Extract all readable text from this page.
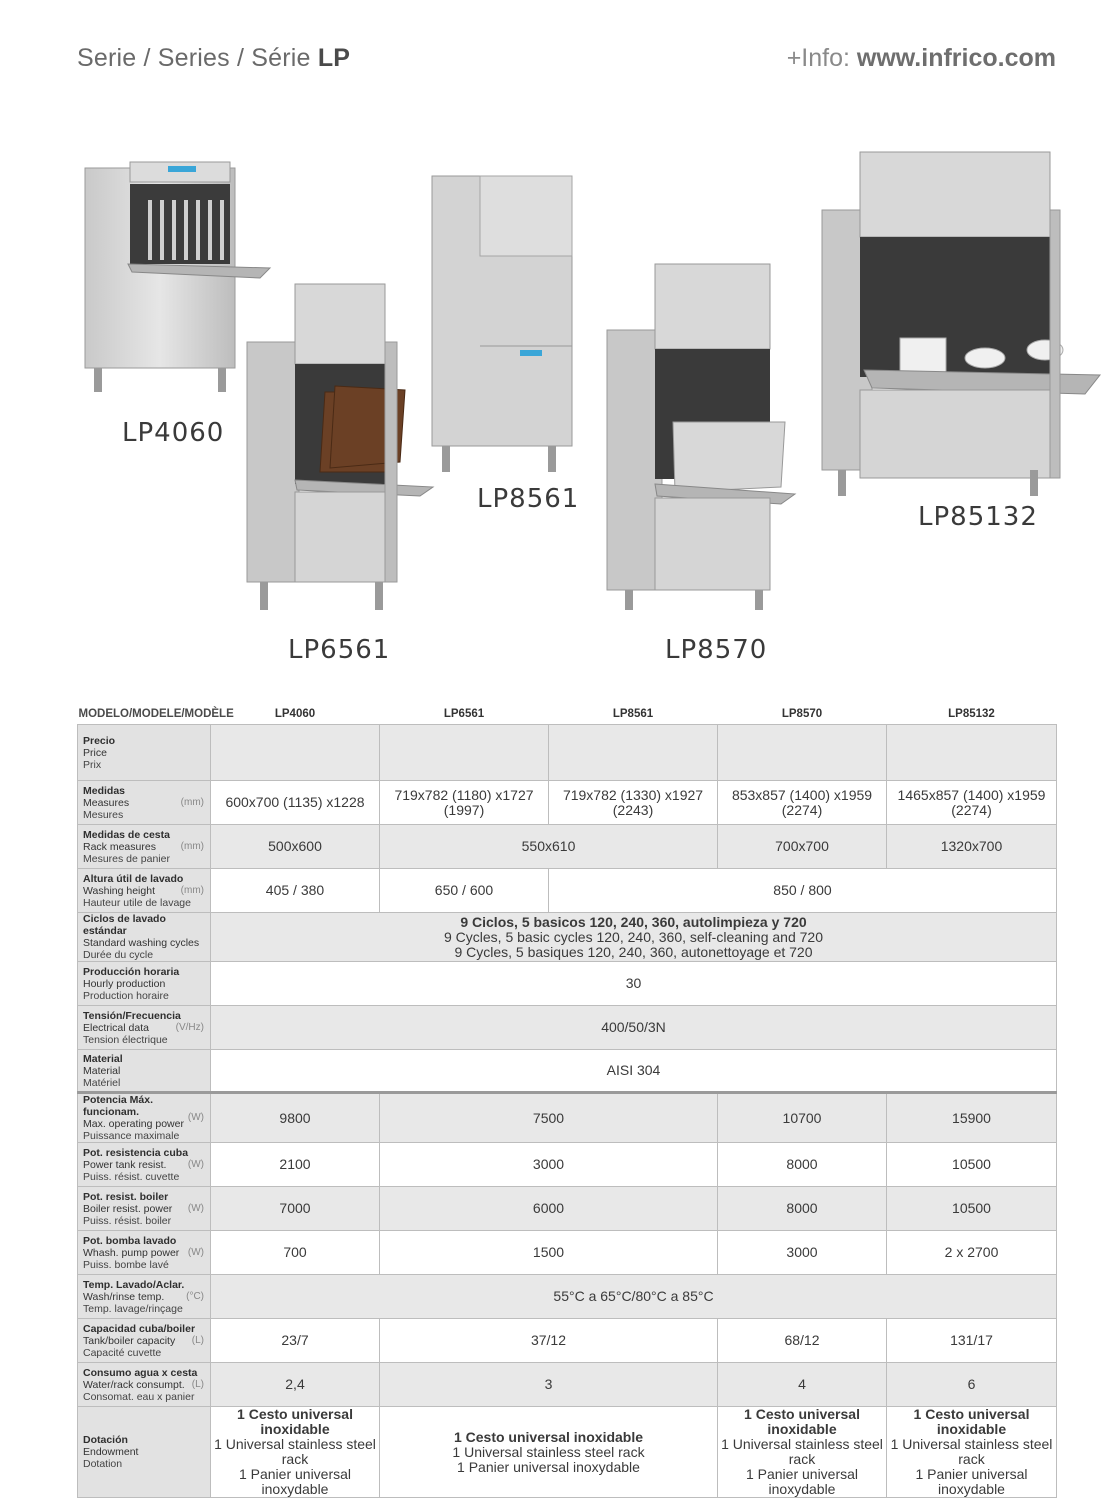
Serie / Series / Série LP	+Info: www.infrico.com
LP4060
LP6561
LP8561
LP8570
LP85132
MODELO/MODELE/MODÈLE	LP4060	LP6561	LP8561	LP8570	LP85132

Precio
Price
Prix					

Medidas
Measures
Mesures
(mm)	600x700 (1135) x1228	719x782 (1180) x1727 (1997)	719x782 (1330) x1927 (2243)	853x857 (1400) x1959 (2274)	1465x857 (1400) x1959 (2274)

Medidas de cesta
Rack measures
Mesures de panier
(mm)	500x600	550x610		700x700	1320x700

Altura útil de lavado
Washing height
Hauteur utile de lavage
(mm)	405 / 380	650 / 600	850 / 800		

Ciclos de lavado estándar
Standard washing cycles
Durée du cycle	9 Ciclos, 5 basicos 120, 240, 360, autolimpieza y 720
9 Cycles, 5 basic cycles 120, 240, 360, self-cleaning and 720
9 Cycles, 5 basiques 120, 240, 360, autonettoyage et 720				

Producción horaria
Hourly production
Production horaire	30				

Tensión/Frecuencia
Electrical data
Tension électrique
(V/Hz)	400/50/3N				

Material
Material
Matériel	AISI 304				

Potencia Máx. funcionam.
Max. operating power
Puissance maximale
(W)	9800	7500		10700	15900

Pot. resistencia cuba
Power tank resist.
Puiss. résist. cuvette
(W)	2100	3000		8000	10500

Pot. resist. boiler
Boiler resist. power
Puiss. résist. boiler
(W)	7000	6000		8000	10500

Pot. bomba lavado
Whash. pump power
Puiss. bombe lavé
(W)	700	1500		3000	2 x 2700

Temp. Lavado/Aclar.
Wash/rinse temp.
Temp. lavage/rinçage
(°C)	55°C a 65°C/80°C a 85°C				

Capacidad cuba/boiler
Tank/boiler capacity
Capacité cuvette
(L)	23/7	37/12		68/12	131/17

Consumo agua x cesta
Water/rack consumpt.
Consomat. eau x panier
(L)	2,4	3		4	6

Dotación
Endowment
Dotation	1 Cesto universal inoxidable
1 Universal stainless steel rack
1 Panier universal inoxydable	1 Cesto universal inoxidable
1 Universal stainless steel rack
1 Panier universal inoxydable		1 Cesto universal inoxidable
1 Universal stainless steel rack
1 Panier universal inoxydable	1 Cesto universal inoxidable
1 Universal stainless steel rack
1 Panier universal inoxydable
